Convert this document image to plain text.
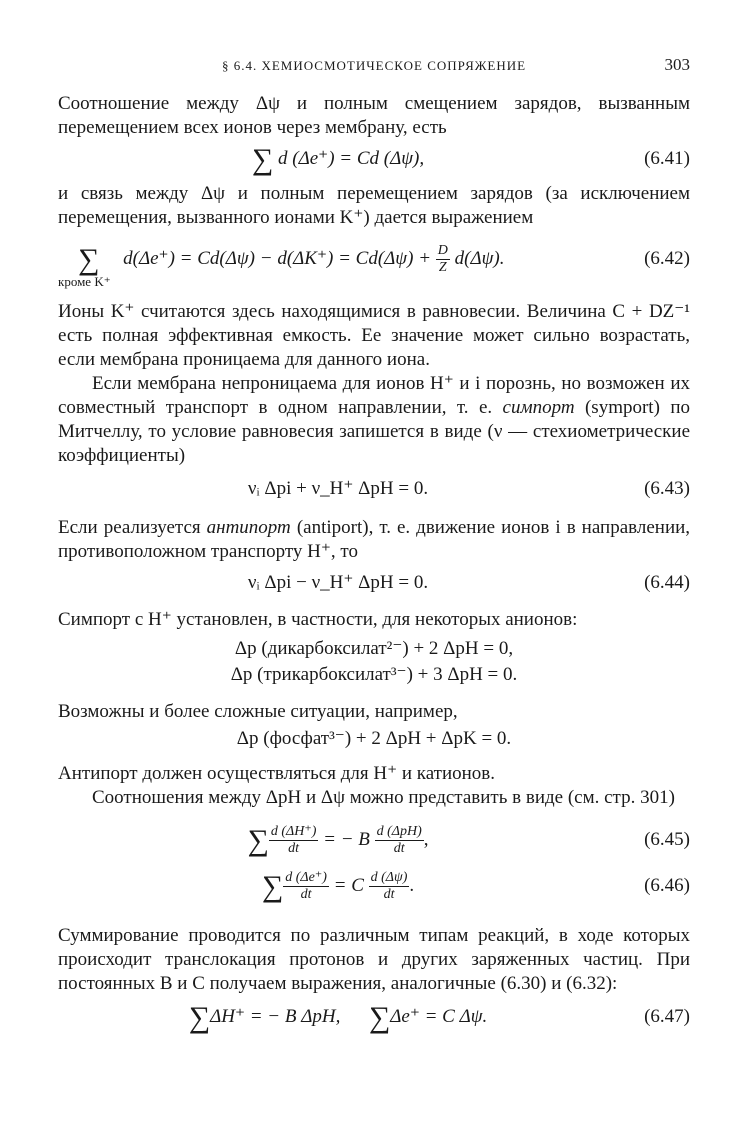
§ 6.4. ХЕМИОСМОТИЧЕСКОЕ СОПРЯЖЕНИЕ	303

Соотношение между Δψ и полным смещением зарядов, вызванным перемещением всех ионов через мембрану, есть

∑ d (Δe⁺) = Cd (Δψ),	(6.41)

и связь между Δψ и полным перемещением зарядов (за исключением перемещения, вызванного ионами K⁺) дается выражением

∑ $d(\Delta e^+) = Cd(\Delta\psi) - d(\Delta K^+) = Cd(\Delta\psi) + \frac{D}{Z} d(\Delta\psi)$.	(6.42)
кроме K⁺

Ионы K⁺ считаются здесь находящимися в равновесии. Величина C + DZ⁻¹ есть полная эффективная емкость. Ее значение может сильно возрастать, если мембрана проницаема для данного иона.

Если мембрана непроницаема для ионов H⁺ и i порознь, но возможен их совместный транспорт в одном направлении, т. е. симпорт (symport) по Митчеллу, то условие равновесия запишется в виде (ν — стехиометрические коэффициенты)

νᵢ Δpi + ν_H⁺ ΔpH = 0.	(6.43)

Если реализуется антипорт (antiport), т. е. движение ионов i в направлении, противоположном транспорту H⁺, то

νᵢ Δpi − ν_H⁺ ΔpH = 0.	(6.44)

Симпорт с H⁺ установлен, в частности, для некоторых анионов:

Δp (дикарбоксилат²⁻) + 2 ΔpH = 0,
Δp (трикарбоксилат³⁻) + 3 ΔpH = 0.

Возможны и более сложные ситуации, например,

Δp (фосфат³⁻) + 2 ΔpH + ΔpK = 0.

Антипорт должен осуществляться для H⁺ и катионов.

Соотношения между ΔpH и Δψ можно представить в виде (см. стр. 301)

∑ $\frac{d (\Delta H^+)}{dt}$ = − B $\frac{\text{d (ΔpH)}}{dt}$ ,	(6.45)
∑ $\frac{d (\Delta e^+)}{dt} = C \frac{d (\Delta\psi)}{dt}$ .	(6.46)

Суммирование проводится по различным типам реакций, в ходе которых происходит транслокация протонов и других заряженных частиц. При постоянных B и C получаем выражения, аналогичные (6.30) и (6.32):

∑ΔH⁺ = − B ΔpH, ∑Δe⁺ = C Δψ.	(6.47)
